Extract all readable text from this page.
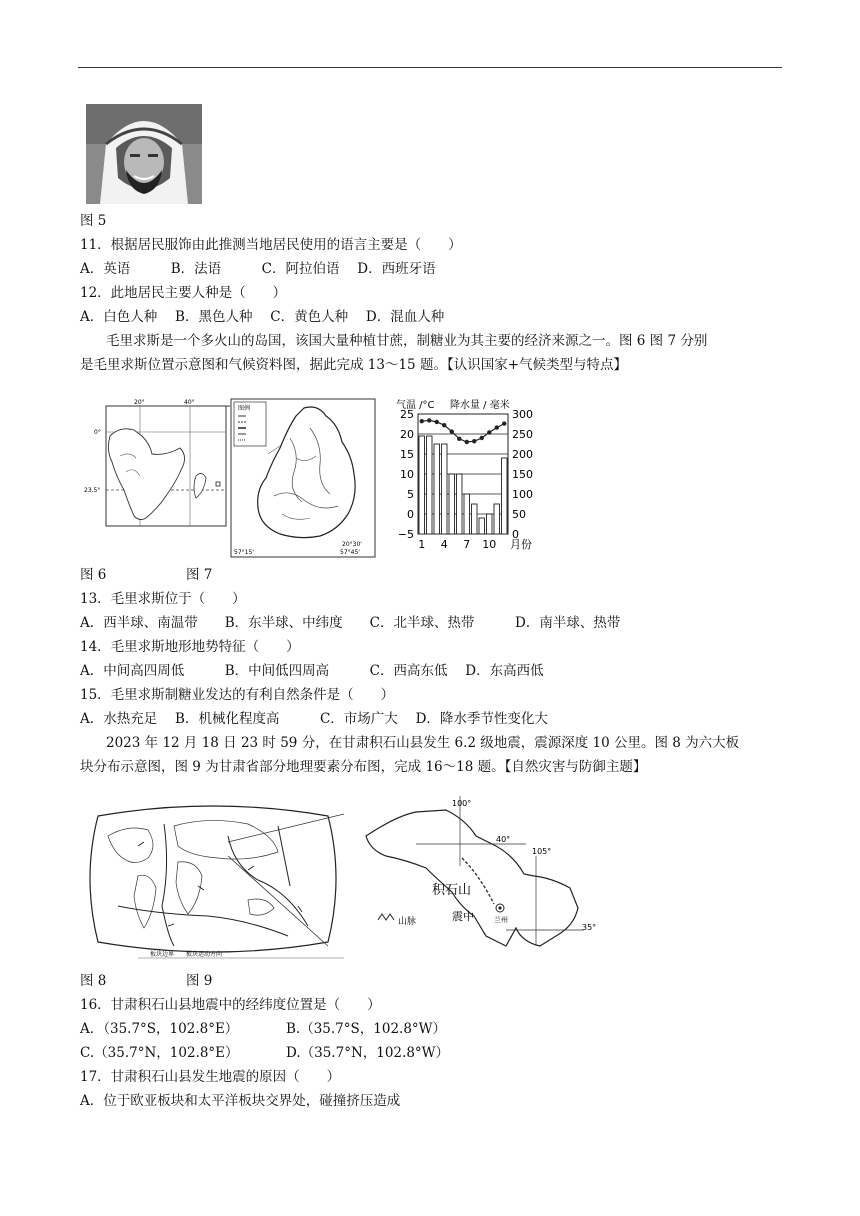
图 5
11．根据居民服饰由此推测当地居民使用的语言主要是（　　）
A．英语　　　B．法语　　　C．阿拉伯语　 D．西班牙语
12．此地居民主要人种是（　　）
A．白色人种　 B．黑色人种　 C．黄色人种　 D．混血人种
毛里求斯是一个多火山的岛国，该国大量种植甘蔗，制糖业为其主要的经济来源之一。图 6 图 7 分别
是毛里求斯位置示意图和气候资料图，据此完成 13～15 题。【认识国家+气候类型与特点】
20°	40°
0°
23.5°
图例
20°30'
57°15'	57°45'
气温 /°C 降水量 / 毫米
25
20
15
10
5
0
−5
300
250
200
150
100
50
0
1 4 7 10 月份
图 6	图 7
13．毛里求斯位于（　　）
A．西半球、南温带　　B．东半球、中纬度　　C．北半球、热带　　　D．南半球、热带
14．毛里求斯地形地势特征（　　）
A．中间高四周低　　　B．中间低四周高　　　C．西高东低　 D．东高西低
15．毛里求斯制糖业发达的有利自然条件是（　　）
A．水热充足　 B．机械化程度高　　　C．市场广大　 D．降水季节性变化大
2023 年 12 月 18 日 23 时 59 分，在甘肃积石山县发生 6.2 级地震，震源深度 10 公里。图 8 为六大板
块分布示意图，图 9 为甘肃省部分地理要素分布图，完成 16～18 题。【自然灾害与防御主题】
板块边界　　板块运动方向
100°
40°
105°
35°
积石山
震中	兰州
山脉
图 8	图 9
16．甘肃积石山县地震中的经纬度位置是（　　）
A．（35.7°S，102.8°E）	B.（35.7°S，102.8°W）
C.（35.7°N，102.8°E）	D.（35.7°N，102.8°W）
17．甘肃积石山县发生地震的原因（　　）
A．位于欧亚板块和太平洋板块交界处，碰撞挤压造成
